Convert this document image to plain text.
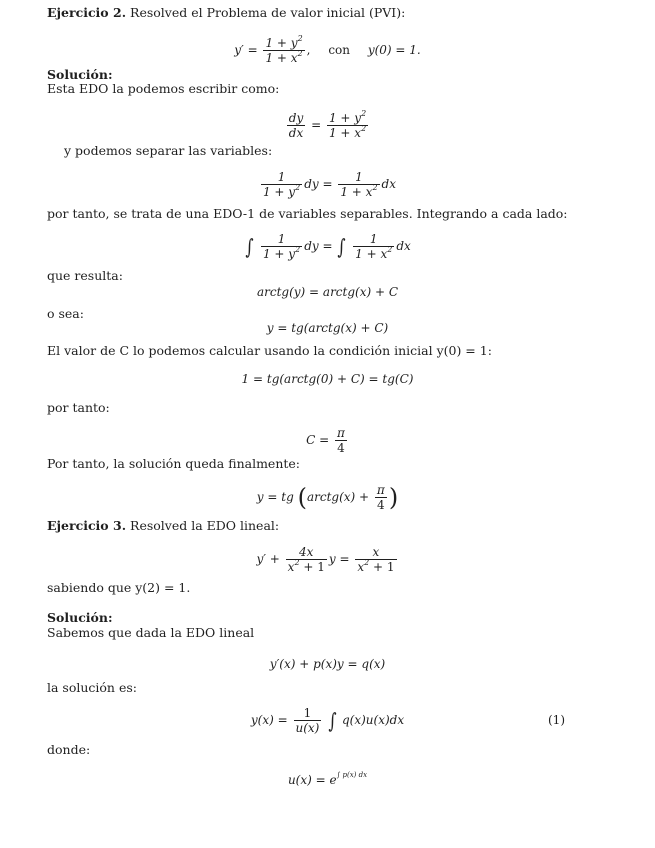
Ejercicio 2. Resolved el Problema de valor inicial (PVI):
$y' = \frac{1 + y^2}{1 + x^2}$ , con y(0) = 1.
Solución:
Esta EDO la podemos escribir como:
$\frac{dy}{dx} = \frac{1 + y^2}{1 + x^2}$
y podemos separar las variables:
$\frac{1}{1 + y^2}$ dy = $\frac{1}{1 + x^2}$ dx
por tanto, se trata de una EDO-1 de variables separables. Integrando a cada lado:
∫ $\frac{1}{1 + y^2}$ dy = ∫ $\frac{1}{1 + x^2}$ dx
que resulta:
arctg(y) = arctg(x) + C
o sea:
y = tg(arctg(x) + C)
El valor de C lo podemos calcular usando la condición inicial y(0) = 1:
1 = tg(arctg(0) + C) = tg(C)
por tanto:
$C = \frac{\pi}{4}$
Por tanto, la solución queda finalmente:
y = tg (arctg(x) + $\frac{\pi}{4}$ )
Ejercicio 3. Resolved la EDO lineal:
$y' + \frac{4x}{x^2 + 1}$ $y = \frac{x}{x^2 + 1}$
sabiendo que y(2) = 1.
Solución:
Sabemos que dada la EDO lineal
y′(x) + p(x)y = q(x)
la solución es:
$y(x) = \frac{1}{u(x)}$ ∫ q(x)u(x)dx	(1)
donde:
$u(x) = e^{\int p(x) dx}$
